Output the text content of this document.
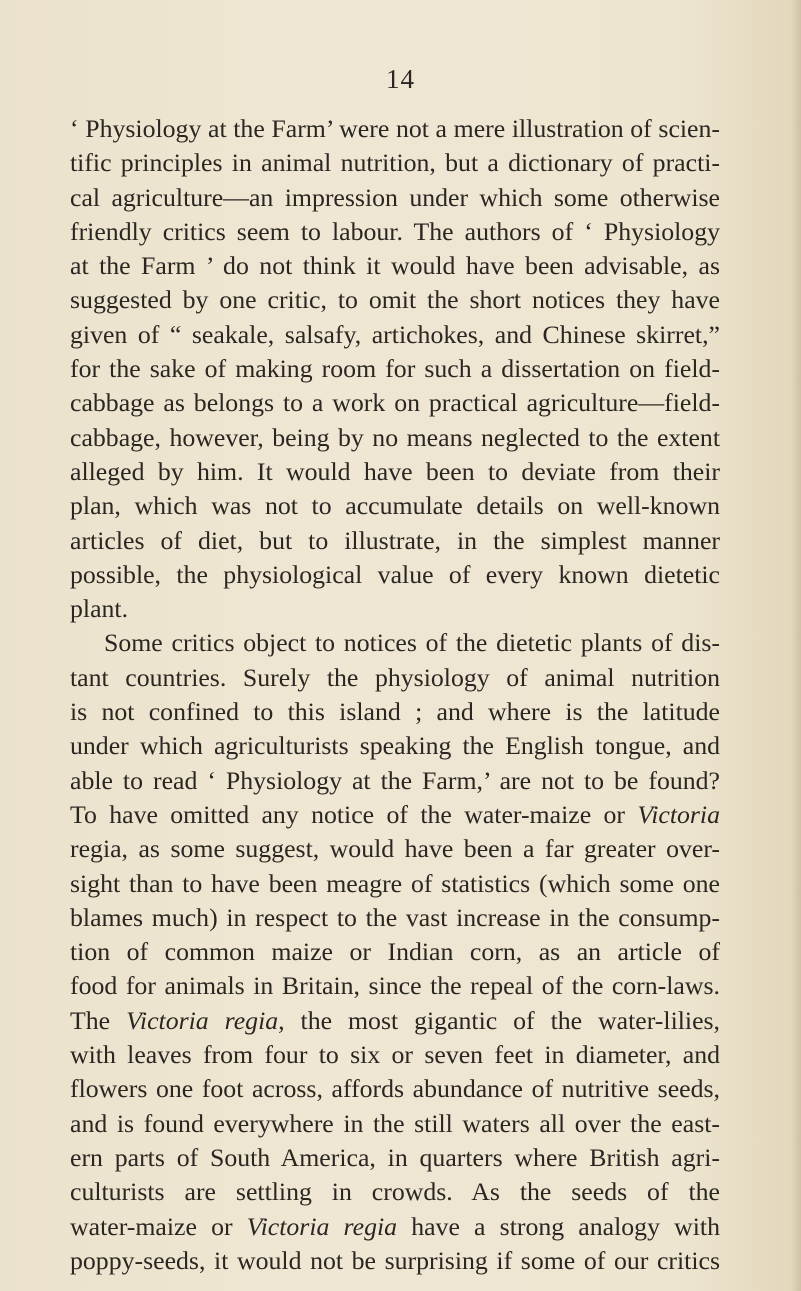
14
‘ Physiology at the Farm’ were not a mere illustration of scien-
tific principles in animal nutrition, but a dictionary of practi-
cal agriculture—an impression under which some otherwise
friendly critics seem to labour. The authors of ‘ Physiology
at the Farm ’ do not think it would have been advisable, as
suggested by one critic, to omit the short notices they have
given of “ seakale, salsafy, artichokes, and Chinese skirret,”
for the sake of making room for such a dissertation on field-
cabbage as belongs to a work on practical agriculture—field-
cabbage, however, being by no means neglected to the extent
alleged by him. It would have been to deviate from their
plan, which was not to accumulate details on well-known
articles of diet, but to illustrate, in the simplest manner
possible, the physiological value of every known dietetic
plant.
Some critics object to notices of the dietetic plants of dis-
tant countries. Surely the physiology of animal nutrition
is not confined to this island ; and where is the latitude
under which agriculturists speaking the English tongue, and
able to read ‘ Physiology at the Farm,’ are not to be found?
To have omitted any notice of the water-maize or Victoria
regia, as some suggest, would have been a far greater over-
sight than to have been meagre of statistics (which some one
blames much) in respect to the vast increase in the consump-
tion of common maize or Indian corn, as an article of
food for animals in Britain, since the repeal of the corn-laws.
The Victoria regia, the most gigantic of the water-lilies,
with leaves from four to six or seven feet in diameter, and
flowers one foot across, affords abundance of nutritive seeds,
and is found everywhere in the still waters all over the east-
ern parts of South America, in quarters where British agri-
culturists are settling in crowds. As the seeds of the
water-maize or Victoria regia have a strong analogy with
poppy-seeds, it would not be surprising if some of our critics
